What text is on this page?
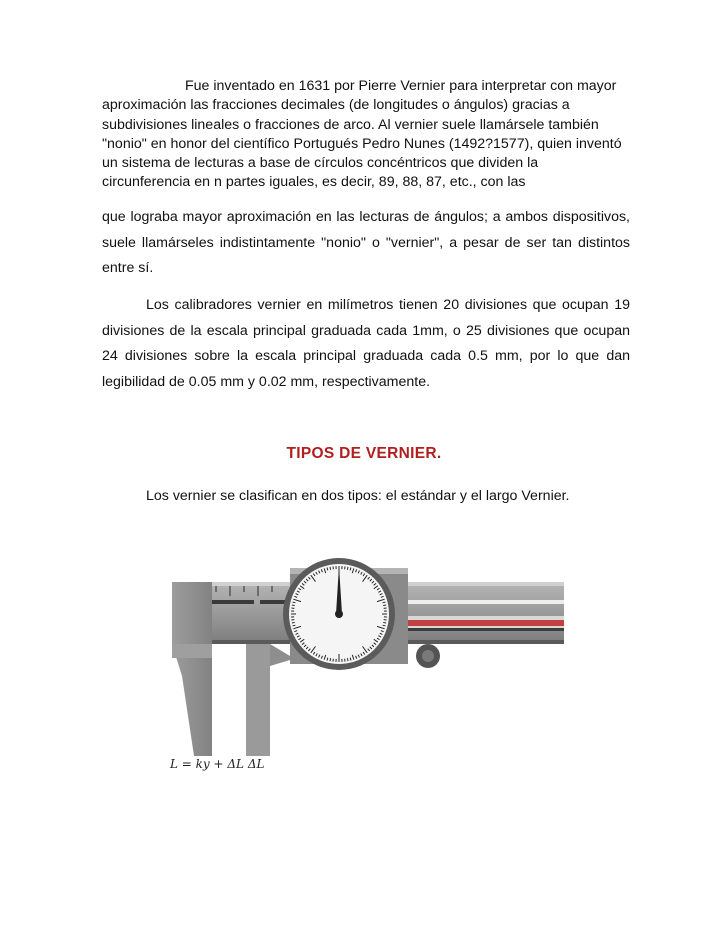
Fue inventado en 1631 por Pierre Vernier para interpretar con mayor
aproximación las fracciones decimales (de longitudes o ángulos) gracias a
subdivisiones lineales o fracciones de arco. Al vernier suele llamársele también
"nonio" en honor del científico Portugués Pedro Nunes (1492?1577), quien inventó
un sistema de lecturas a base de círculos concéntricos que dividen la
circunferencia en n partes iguales, es decir, 89, 88, 87, etc., con las
que lograba mayor aproximación en las lecturas de ángulos; a ambos dispositivos,
suele llamárseles indistintamente "nonio" o "vernier", a pesar de ser tan distintos
entre sí.
Los calibradores vernier en milímetros tienen 20 divisiones que ocupan 19
divisiones de la escala principal graduada cada 1mm, o 25 divisiones que ocupan
24 divisiones sobre la escala principal graduada cada 0.5 mm, por lo que dan
legibilidad de 0.05 mm y 0.02 mm, respectivamente.
TIPOS DE VERNIER.
Los vernier se clasifican en dos tipos: el estándar y el largo Vernier.
L = ky + ΔL ΔL
